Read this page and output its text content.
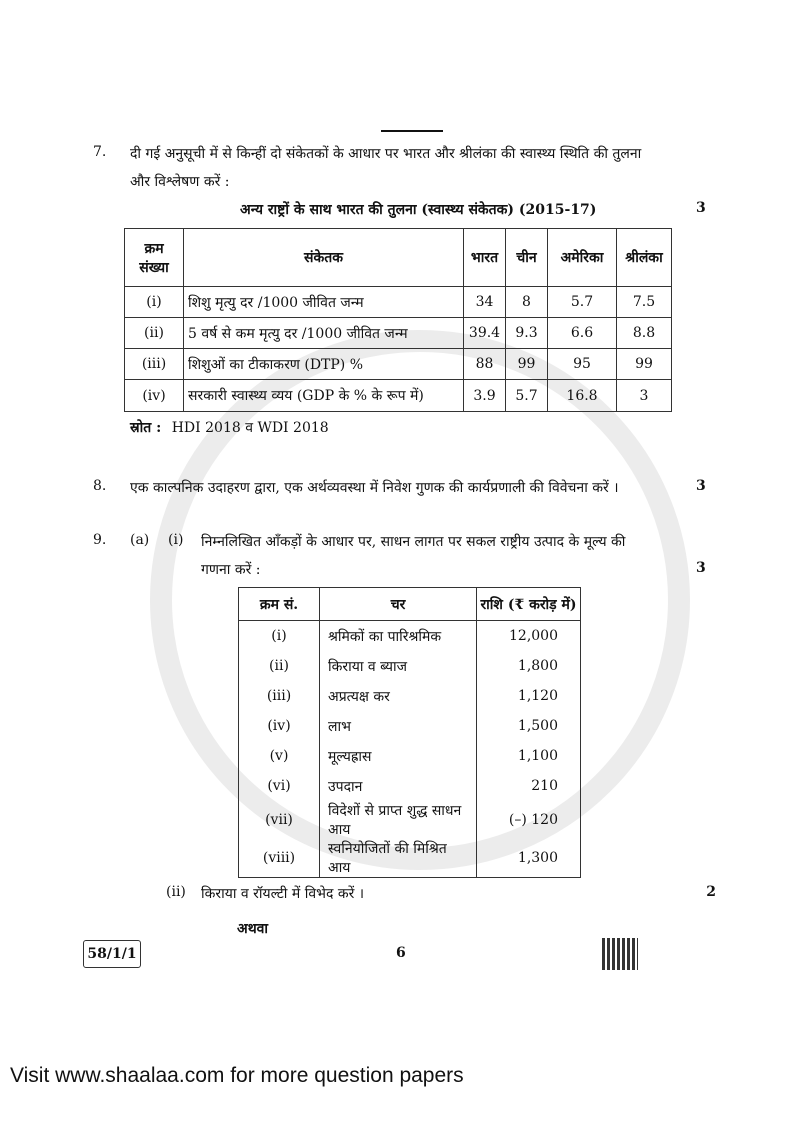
7. दी गई अनुसूची में से किन्हीं दो संकेतकों के आधार पर भारत और श्रीलंका की स्वास्थ्य स्थिति की तुलना
और विश्लेषण करें :
अन्य राष्ट्रों के साथ भारत की तुलना (स्वास्थ्य संकेतक) (2015-17)	3
क्रम संख्या	संकेतक	भारत	चीन	अमेरिका	श्रीलंका
(i)	शिशु मृत्यु दर /1000 जीवित जन्म	34	8	5.7	7.5
(ii)	5 वर्ष से कम मृत्यु दर /1000 जीवित जन्म	39.4	9.3	6.6	8.8
(iii)	शिशुओं का टीकाकरण (DTP) %	88	99	95	99
(iv)	सरकारी स्वास्थ्य व्यय (GDP के % के रूप में)	3.9	5.7	16.8	3
स्रोत : HDI 2018 व WDI 2018
8. एक काल्पनिक उदाहरण द्वारा, एक अर्थव्यवस्था में निवेश गुणक की कार्यप्रणाली की विवेचना करें ।	3
9. (a) (i) निम्नलिखित आँकड़ों के आधार पर, साधन लागत पर सकल राष्ट्रीय उत्पाद के मूल्य की
गणना करें :	3
क्रम सं.	चर	राशि (₹ करोड़ में)
(i)	श्रमिकों का पारिश्रमिक	12,000
(ii)	किराया व ब्याज	1,800
(iii)	अप्रत्यक्ष कर	1,120
(iv)	लाभ	1,500
(v)	मूल्यह्रास	1,100
(vi)	उपदान	210
(vii)	विदेशों से प्राप्त शुद्ध साधन आय	(–) 120
(viii)	स्वनियोजितों की मिश्रित आय	1,300
(ii)	किराया व रॉयल्टी में विभेद करें ।	2
अथवा
58/1/1	6
Visit www.shaalaa.com for more question papers
